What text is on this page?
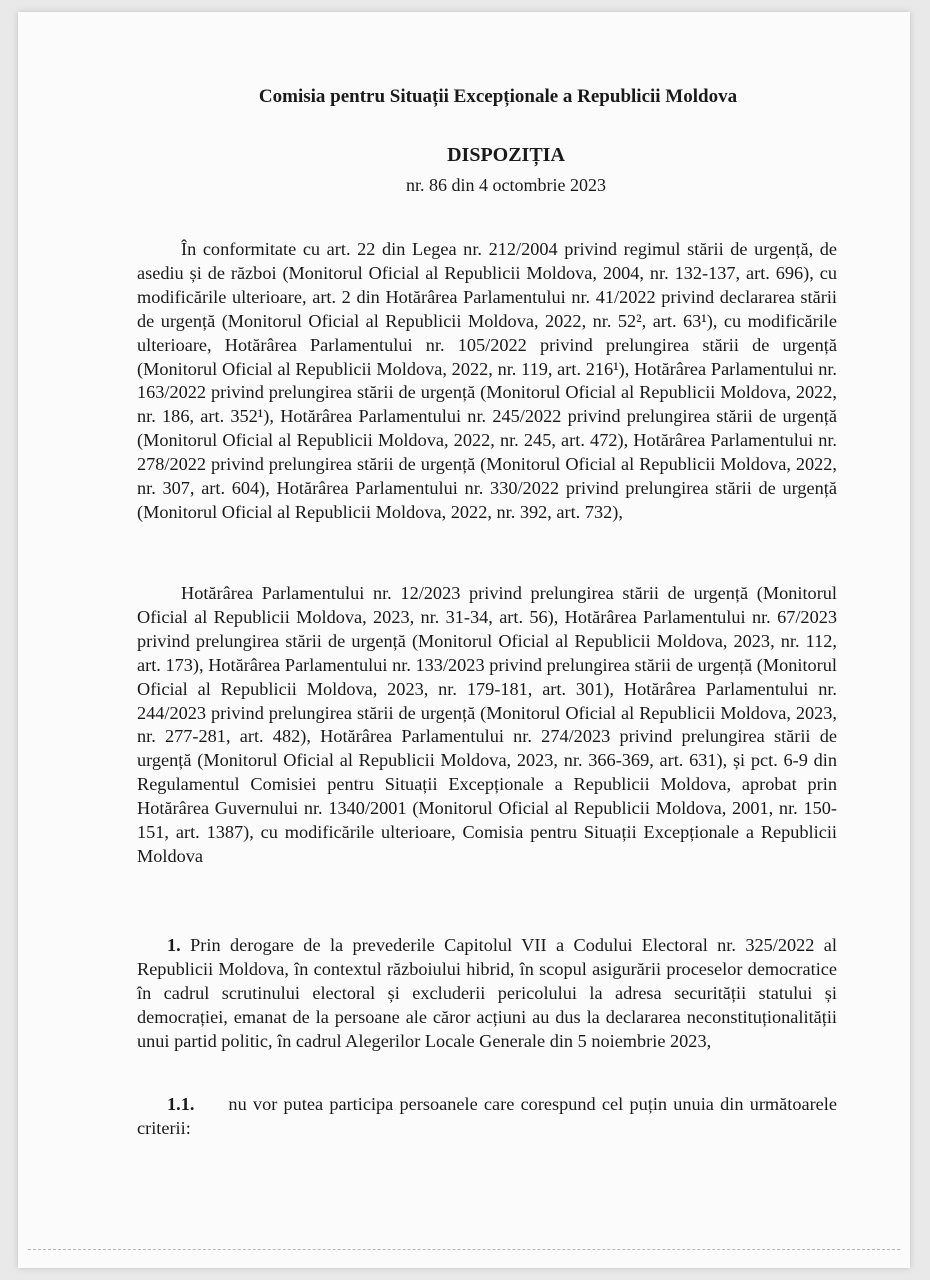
Comisia pentru Situații Excepționale a Republicii Moldova
DISPOZIȚIA
nr. 86 din 4 octombrie 2023
În conformitate cu art. 22 din Legea nr. 212/2004 privind regimul stării de urgență, de asediu și de război (Monitorul Oficial al Republicii Moldova, 2004, nr. 132-137, art. 696), cu modificările ulterioare, art. 2 din Hotărârea Parlamentului nr. 41/2022 privind declararea stării de urgență (Monitorul Oficial al Republicii Moldova, 2022, nr. 52², art. 63¹), cu modificările ulterioare, Hotărârea Parlamentului nr. 105/2022 privind prelungirea stării de urgență (Monitorul Oficial al Republicii Moldova, 2022, nr. 119, art. 216¹), Hotărârea Parlamentului nr. 163/2022 privind prelungirea stării de urgență (Monitorul Oficial al Republicii Moldova, 2022, nr. 186, art. 352¹), Hotărârea Parlamentului nr. 245/2022 privind prelungirea stării de urgență (Monitorul Oficial al Republicii Moldova, 2022, nr. 245, art. 472), Hotărârea Parlamentului nr. 278/2022 privind prelungirea stării de urgență (Monitorul Oficial al Republicii Moldova, 2022, nr. 307, art. 604), Hotărârea Parlamentului nr. 330/2022 privind prelungirea stării de urgență (Monitorul Oficial al Republicii Moldova, 2022, nr. 392, art. 732),
Hotărârea Parlamentului nr. 12/2023 privind prelungirea stării de urgență (Monitorul Oficial al Republicii Moldova, 2023, nr. 31-34, art. 56), Hotărârea Parlamentului nr. 67/2023 privind prelungirea stării de urgență (Monitorul Oficial al Republicii Moldova, 2023, nr. 112, art. 173), Hotărârea Parlamentului nr. 133/2023 privind prelungirea stării de urgență (Monitorul Oficial al Republicii Moldova, 2023, nr. 179-181, art. 301), Hotărârea Parlamentului nr. 244/2023 privind prelungirea stării de urgență (Monitorul Oficial al Republicii Moldova, 2023, nr. 277-281, art. 482), Hotărârea Parlamentului nr. 274/2023 privind prelungirea stării de urgență (Monitorul Oficial al Republicii Moldova, 2023, nr. 366-369, art. 631), și pct. 6-9 din Regulamentul Comisiei pentru Situații Excepționale a Republicii Moldova, aprobat prin Hotărârea Guvernului nr. 1340/2001 (Monitorul Oficial al Republicii Moldova, 2001, nr. 150-151, art. 1387), cu modificările ulterioare, Comisia pentru Situații Excepționale a Republicii Moldova
1. Prin derogare de la prevederile Capitolul VII a Codului Electoral nr. 325/2022 al Republicii Moldova, în contextul războiului hibrid, în scopul asigurării proceselor democratice în cadrul scrutinului electoral și excluderii pericolului la adresa securității statului și democrației, emanat de la persoane ale căror acțiuni au dus la declararea neconstituționalității unui partid politic, în cadrul Alegerilor Locale Generale din 5 noiembrie 2023,
1.1. nu vor putea participa persoanele care corespund cel puțin unuia din următoarele criterii:
